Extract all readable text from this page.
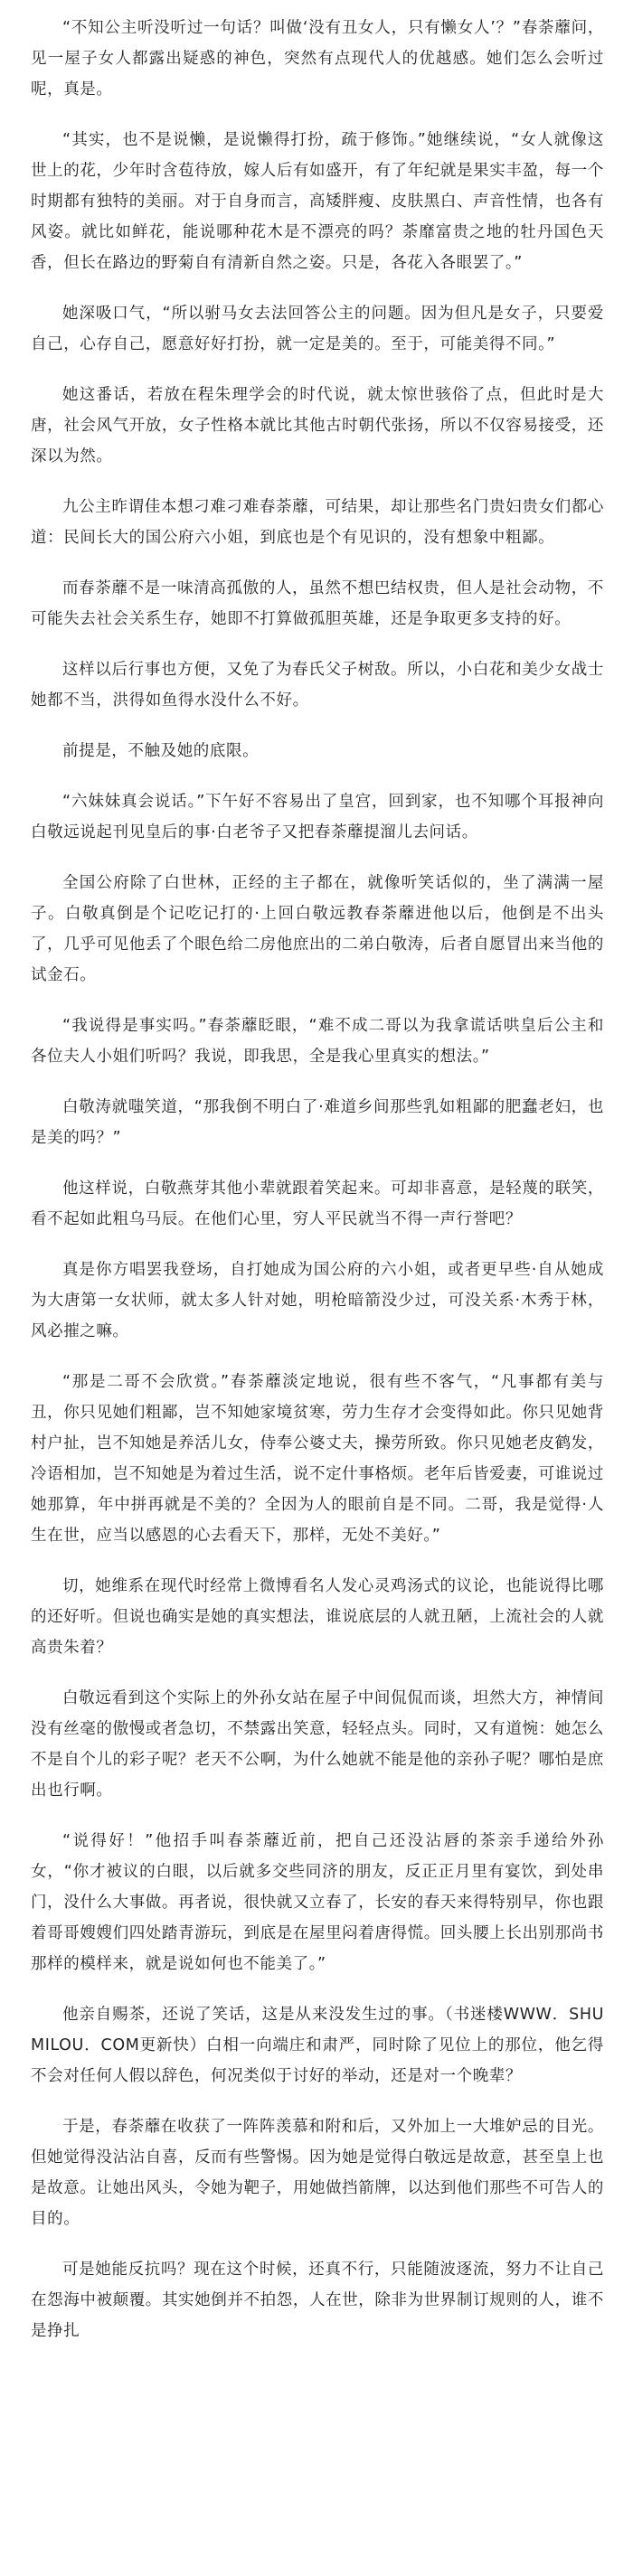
“不知公主听没听过一句话？叫做‘没有丑女人，只有懒女人’？”春荼蘼问，见一屋子女人都露出疑惑的神色，突然有点现代人的优越感。她们怎么会听过呢，真是。

“其实，也不是说懒，是说懒得打扮，疏于修饰。”她继续说，“女人就像这世上的花，少年时含苞待放，嫁人后有如盛开，有了年纪就是果实丰盈，每一个时期都有独特的美丽。对于自身而言，高矮胖瘦、皮肤黑白、声音性情，也各有风姿。就比如鲜花，能说哪种花木是不漂亮的吗？荼靡富贵之地的牡丹国色天香，但长在路边的野菊自有清新自然之姿。只是，各花入各眼罢了。”

她深吸口气，“所以驸马女去法回答公主的问题。因为但凡是女子，只要爱自己，心存自己，愿意好好打扮，就一定是美的。至于，可能美得不同。”

她这番话，若放在程朱理学会的时代说，就太惊世骇俗了点，但此时是大唐，社会风气开放，女子性格本就比其他古时朝代张扬，所以不仅容易接受，还深以为然。

九公主昨谓佳本想刁难刁难春荼蘼，可结果，却让那些名门贵妇贵女们都心道：民间长大的国公府六小姐，到底也是个有见识的，没有想象中粗鄙。

而春荼蘼不是一味清高孤傲的人，虽然不想巴结权贵，但人是社会动物，不可能失去社会关系生存，她即不打算做孤胆英雄，还是争取更多支持的好。

这样以后行事也方便，又免了为春氏父子树敌。所以，小白花和美少女战士她都不当，洪得如鱼得水没什么不好。

前提是，不触及她的底限。

“六妹妹真会说话。”下午好不容易出了皇宫，回到家，也不知哪个耳报神向白敬远说起刊见皇后的事·白老爷子又把春荼蘼提溜儿去问话。

全国公府除了白世林，正经的主子都在，就像听笑话似的，坐了满满一屋子。白敬真倒是个记吃记打的·上回白敬远教春荼蘼进他以后，他倒是不出头了，几乎可见他丢了个眼色给二房他庶出的二弟白敬涛，后者自愿冒出来当他的试金石。

“我说得是事实吗。”春荼蘼眨眼，“难不成二哥以为我拿谎话哄皇后公主和各位夫人小姐们听吗？我说，即我思，全是我心里真实的想法。”

白敬涛就嗤笑道，“那我倒不明白了·难道乡间那些乳如粗鄙的肥蠢老妇，也是美的吗？”

他这样说，白敬燕芽其他小辈就跟着笑起来。可却非喜意，是轻蔑的联笑，看不起如此粗乌马辰。在他们心里，穷人平民就当不得一声行誉吧？

真是你方唱罢我登场，自打她成为国公府的六小姐，或者更早些·自从她成为大唐第一女状师，就太多人针对她，明枪暗箭没少过，可没关系·木秀于林，风必摧之嘛。

“那是二哥不会欣赏。”春荼蘼淡定地说，很有些不客气，“凡事都有美与丑，你只见她们粗鄙，岂不知她家境贫寒，劳力生存才会变得如此。你只见她背村户扯，岂不知她是养活儿女，侍奉公婆丈夫，操劳所致。你只见她老皮鹤发，冷语相加，岂不知她是为着过生活，说不定什事格烦。老年后皆爱妻，可谁说过她那算，年中拼再就是不美的？全因为人的眼前自是不同。二哥，我是觉得·人生在世，应当以感恩的心去看天下，那样，无处不美好。”

切，她维系在现代时经常上微博看名人发心灵鸡汤式的议论，也能说得比哪的还好听。但说也确实是她的真实想法，谁说底层的人就丑陋，上流社会的人就高贵朱着？

白敬远看到这个实际上的外孙女站在屋子中间侃侃而谈，坦然大方，神情间没有丝毫的傲慢或者急切，不禁露出笑意，轻轻点头。同时，又有道惋：她怎么不是自个儿的彩子呢？老天不公啊，为什么她就不能是他的亲孙子呢？哪怕是庶出也行啊。

“说得好！”他招手叫春荼蘼近前，把自己还没沾唇的茶亲手递给外孙女，“你才被议的白眼，以后就多交些同济的朋友，反正正月里有宴饮，到处串门，没什么大事做。再者说，很快就又立春了，长安的春天来得特别早，你也跟着哥哥嫂嫂们四处踏青游玩，到底是在屋里闷着唐得慌。回头腰上长出别那尚书那样的模样来，就是说如何也不能美了。”

他亲自赐茶，还说了笑话，这是从来没发生过的事。（书迷楼WWW．SHUMILOU．COM更新快）白相一向端庄和肃严，同时除了见位上的那位，他乞得不会对任何人假以辞色，何况类似于讨好的举动，还是对一个晚辈？

于是，春荼蘼在收获了一阵阵羡慕和附和后，又外加上一大堆妒忌的目光。但她觉得没沾沾自喜，反而有些警惕。因为她是觉得白敬远是故意，甚至皇上也是故意。让她出风头，令她为靶子，用她做挡箭牌，以达到他们那些不可告人的目的。

可是她能反抗吗？现在这个时候，还真不行，只能随波逐流，努力不让自己在怨海中被颠覆。其实她倒并不拍怨，人在世，除非为世界制订规则的人，谁不是挣扎
